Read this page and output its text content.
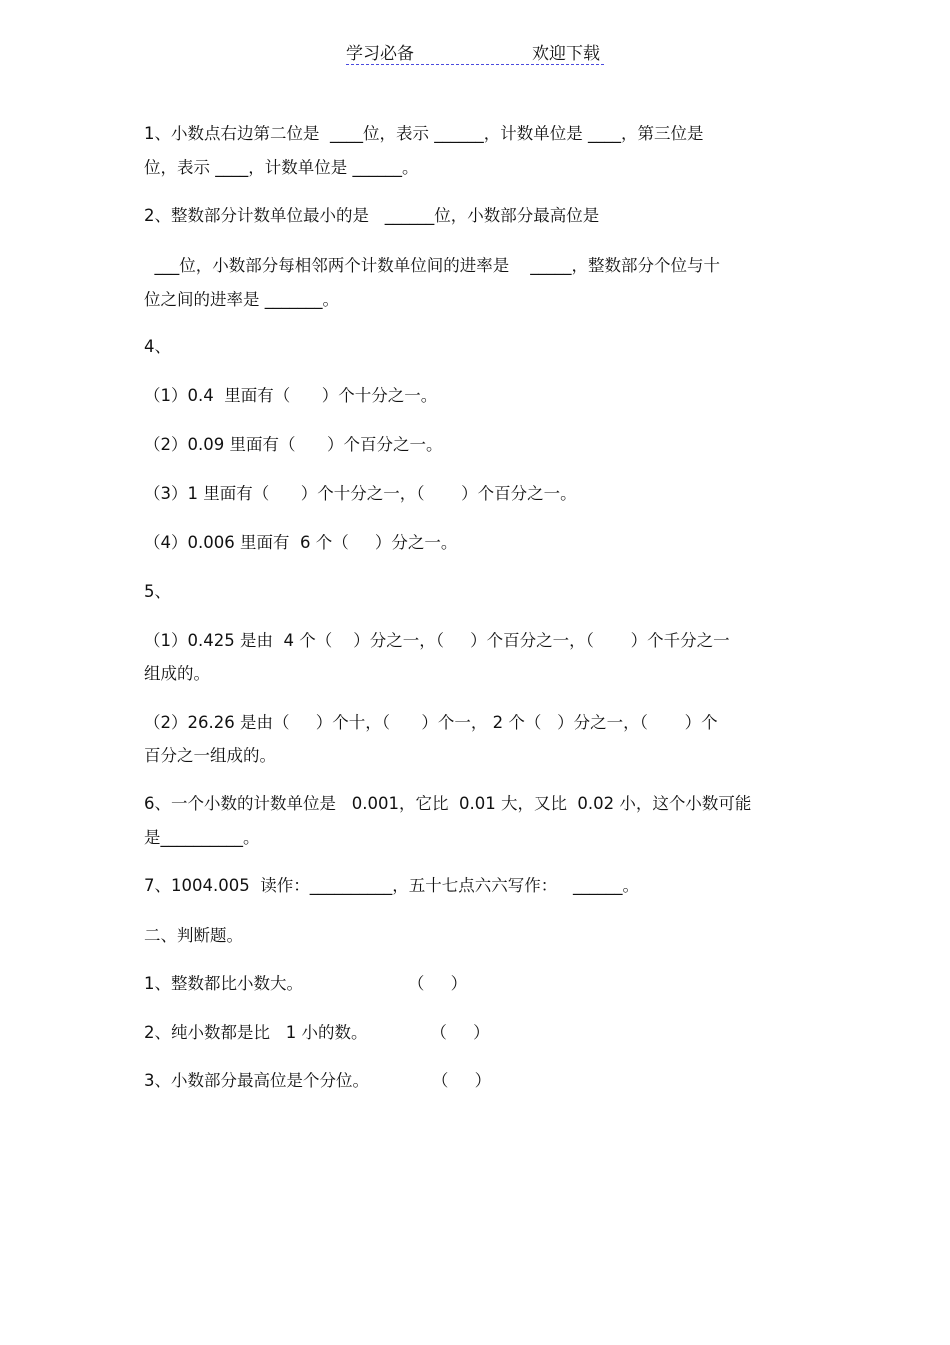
学习必备

	欢迎下载

1、小数点右边第二位是  ____位，表示 ______，计数单位是 ____，第三位是
位，表示 ____，计数单位是 ______。
2、整数部分计数单位最小的是   ______位，小数部分最高位是
___位，小数部分每相邻两个计数单位间的进率是    _____，整数部分个位与十
位之间的进率是 _______。
4、
（1）0.4  里面有（      ）个十分之一。
（2）0.09 里面有（      ）个百分之一。
（3）1 里面有（      ）个十分之一，（       ）个百分之一。
（4）0.006 里面有  6 个（     ）分之一。
5、
（1）0.425 是由  4 个（    ）分之一，（     ）个百分之一，（       ）个千分之一
组成的。
（2）26.26 是由（     ）个十，（      ）个一， 2 个（   ）分之一，（       ）个
百分之一组成的。
6、一个小数的计数单位是   0.001，它比  0.01 大，又比  0.02 小，这个小数可能
是__________。
7、1004.005  读作：__________，五十七点六六写作：   ______。
二、判断题。
1、整数都比小数大。                    （     ）
2、纯小数都是比   1 小的数。            （     ）
3、小数部分最高位是个分位。            （     ）
